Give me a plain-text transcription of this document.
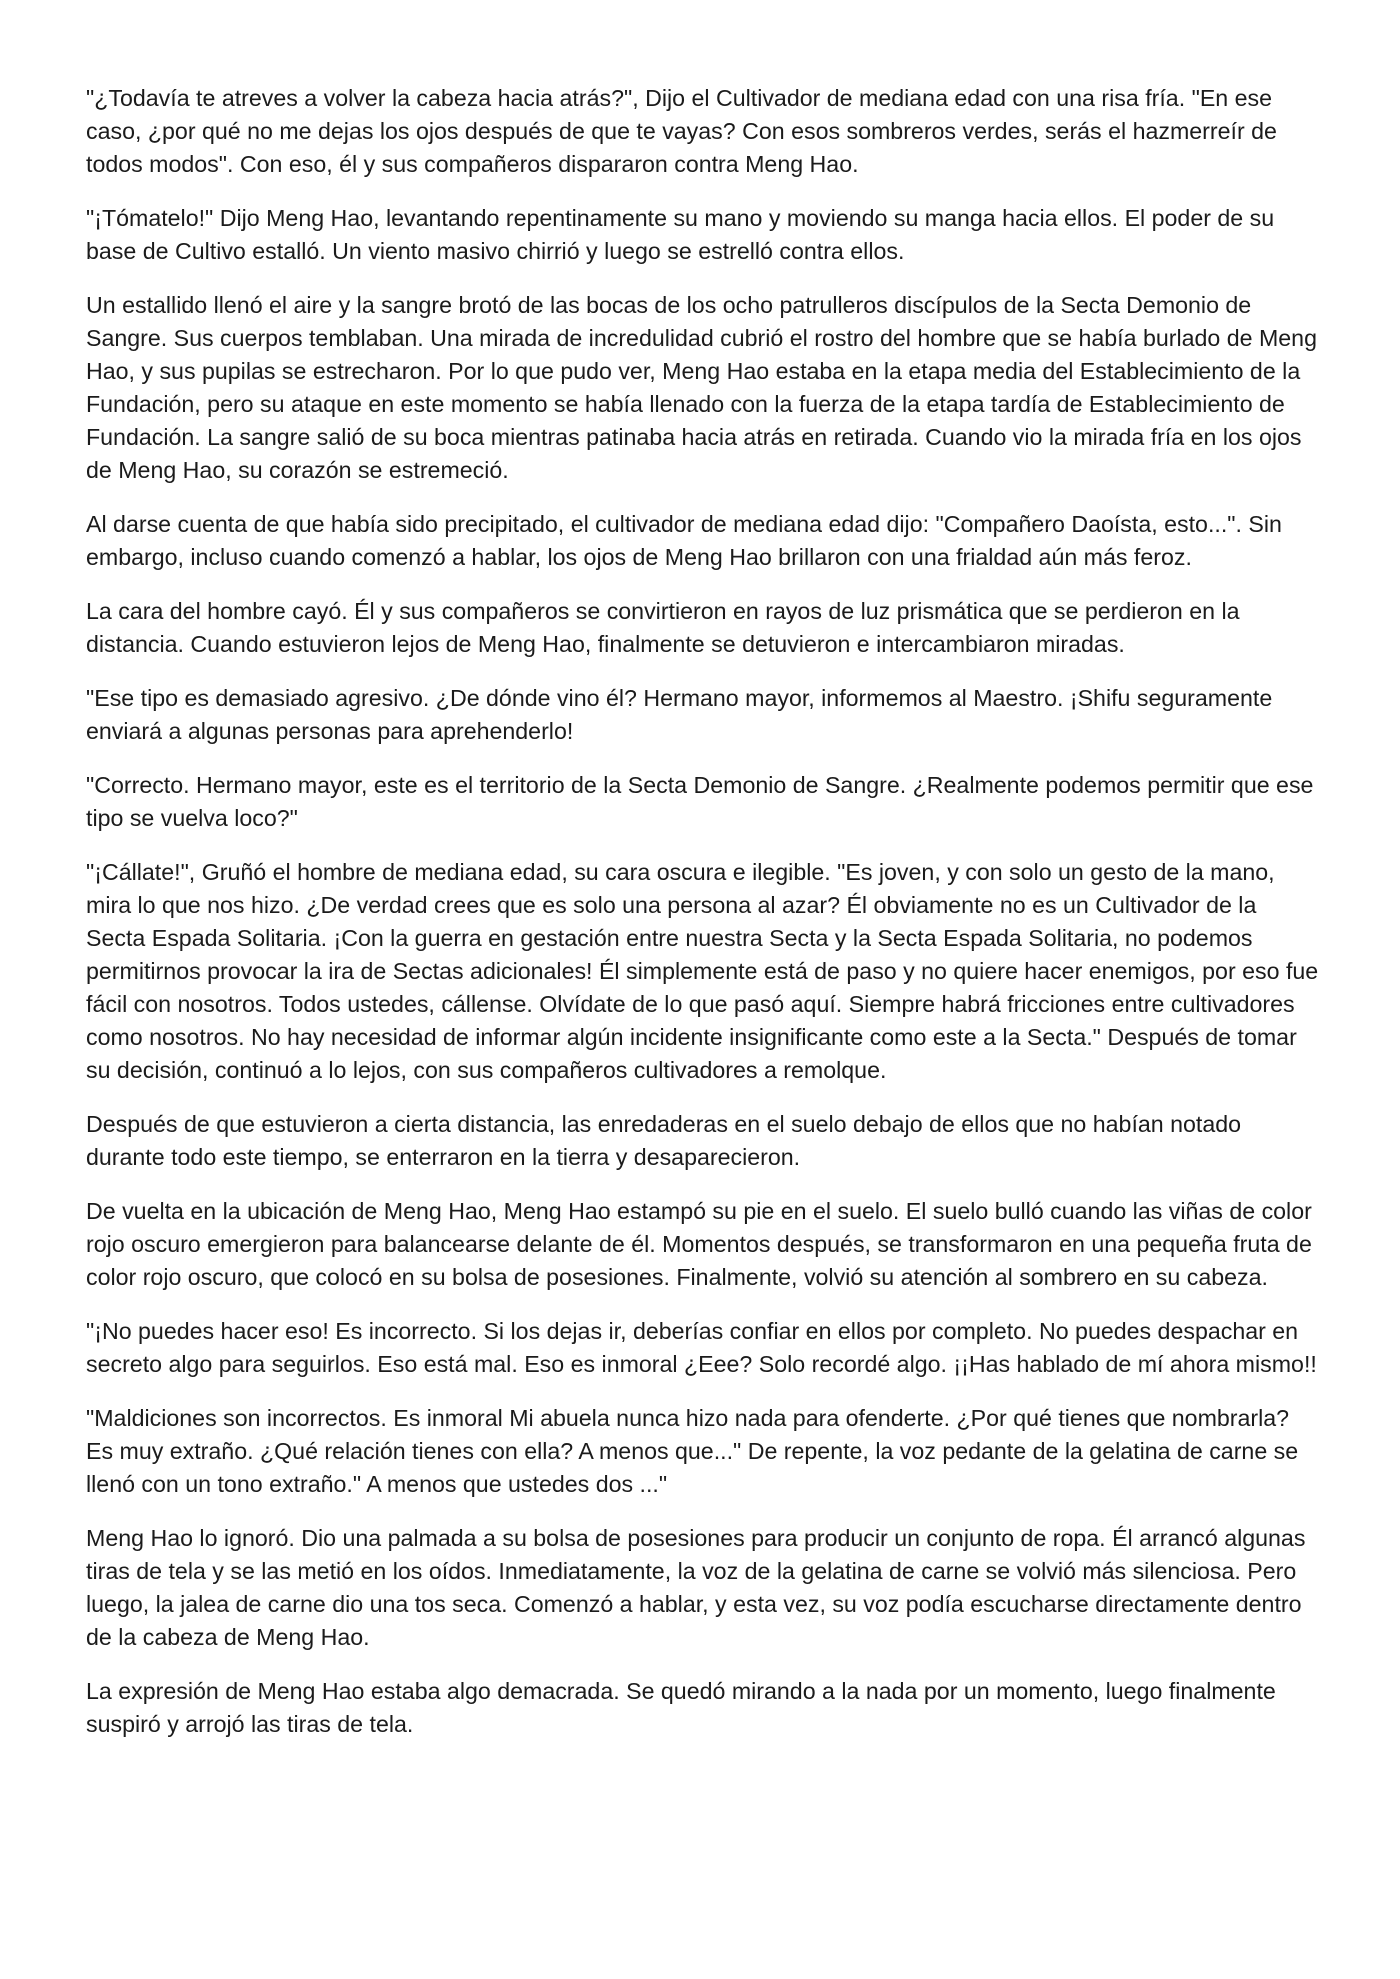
"¿Todavía te atreves a volver la cabeza hacia atrás?", Dijo el Cultivador de mediana edad con una risa fría. "En ese caso, ¿por qué no me dejas los ojos después de que te vayas? Con esos sombreros verdes, serás el hazmerreír de todos modos". Con eso, él y sus compañeros dispararon contra Meng Hao.

"¡Tómatelo!" Dijo Meng Hao, levantando repentinamente su mano y moviendo su manga hacia ellos. El poder de su base de Cultivo estalló. Un viento masivo chirrió y luego se estrelló contra ellos.

Un estallido llenó el aire y la sangre brotó de las bocas de los ocho patrulleros discípulos de la Secta Demonio de Sangre. Sus cuerpos temblaban. Una mirada de incredulidad cubrió el rostro del hombre que se había burlado de Meng Hao, y sus pupilas se estrecharon. Por lo que pudo ver, Meng Hao estaba en la etapa media del Establecimiento de la Fundación, pero su ataque en este momento se había llenado con la fuerza de la etapa tardía de Establecimiento de Fundación. La sangre salió de su boca mientras patinaba hacia atrás en retirada. Cuando vio la mirada fría en los ojos de Meng Hao, su corazón se estremeció.

Al darse cuenta de que había sido precipitado, el cultivador de mediana edad dijo: "Compañero Daoísta, esto...". Sin embargo, incluso cuando comenzó a hablar, los ojos de Meng Hao brillaron con una frialdad aún más feroz.

La cara del hombre cayó. Él y sus compañeros se convirtieron en rayos de luz prismática que se perdieron en la distancia. Cuando estuvieron lejos de Meng Hao, finalmente se detuvieron e intercambiaron miradas.

"Ese tipo es demasiado agresivo. ¿De dónde vino él? Hermano mayor, informemos al Maestro. ¡Shifu seguramente enviará a algunas personas para aprehenderlo!

"Correcto. Hermano mayor, este es el territorio de la Secta Demonio de Sangre. ¿Realmente podemos permitir que ese tipo se vuelva loco?"

"¡Cállate!", Gruñó el hombre de mediana edad, su cara oscura e ilegible. "Es joven, y con solo un gesto de la mano, mira lo que nos hizo. ¿De verdad crees que es solo una persona al azar? Él obviamente no es un Cultivador de la Secta Espada Solitaria. ¡Con la guerra en gestación entre nuestra Secta y la Secta Espada Solitaria, no podemos permitirnos provocar la ira de Sectas adicionales! Él simplemente está de paso y no quiere hacer enemigos, por eso fue fácil con nosotros. Todos ustedes, cállense. Olvídate de lo que pasó aquí. Siempre habrá fricciones entre cultivadores como nosotros. No hay necesidad de informar algún incidente insignificante como este a la Secta." Después de tomar su decisión, continuó a lo lejos, con sus compañeros cultivadores a remolque.

Después de que estuvieron a cierta distancia, las enredaderas en el suelo debajo de ellos que no habían notado durante todo este tiempo, se enterraron en la tierra y desaparecieron.

De vuelta en la ubicación de Meng Hao, Meng Hao estampó su pie en el suelo. El suelo bulló cuando las viñas de color rojo oscuro emergieron para balancearse delante de él. Momentos después, se transformaron en una pequeña fruta de color rojo oscuro, que colocó en su bolsa de posesiones. Finalmente, volvió su atención al sombrero en su cabeza.

"¡No puedes hacer eso! Es incorrecto. Si los dejas ir, deberías confiar en ellos por completo. No puedes despachar en secreto algo para seguirlos. Eso está mal. Eso es inmoral ¿Eee? Solo recordé algo. ¡¡Has hablado de mí ahora mismo!!

"Maldiciones son incorrectos. Es inmoral Mi abuela nunca hizo nada para ofenderte. ¿Por qué tienes que nombrarla? Es muy extraño. ¿Qué relación tienes con ella? A menos que..." De repente, la voz pedante de la gelatina de carne se llenó con un tono extraño." A menos que ustedes dos ..."

Meng Hao lo ignoró. Dio una palmada a su bolsa de posesiones para producir un conjunto de ropa. Él arrancó algunas tiras de tela y se las metió en los oídos. Inmediatamente, la voz de la gelatina de carne se volvió más silenciosa. Pero luego, la jalea de carne dio una tos seca. Comenzó a hablar, y esta vez, su voz podía escucharse directamente dentro de la cabeza de Meng Hao.

La expresión de Meng Hao estaba algo demacrada. Se quedó mirando a la nada por un momento, luego finalmente suspiró y arrojó las tiras de tela.
